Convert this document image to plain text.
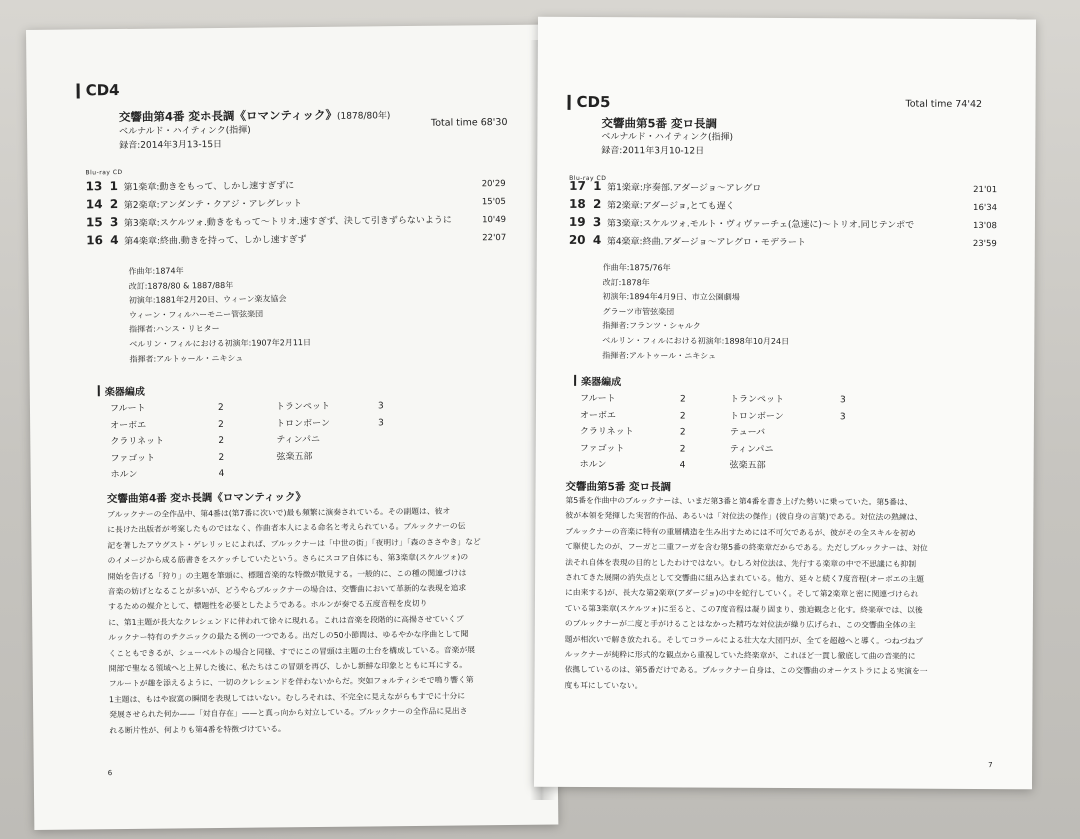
CD4
交響曲第4番 変ホ長調《ロマンティック》(1878/80年)
Total time 68'30
ベルナルド・ハイティンク(指揮)
録音:2014年3月13-15日
Blu-ray CD
13 1 第1楽章:動きをもって、しかし速すぎずに	20'29
14 2 第2楽章:アンダンテ・クアジ・アレグレット	15'05
15 3 第3楽章:スケルツォ.動きをもって～トリオ.速すぎず、決して引きずらないように	10'49
16 4 第4楽章:終曲.動きを持って、しかし速すぎず	22'07
作曲年:1874年
改訂:1878/80 & 1887/88年
初演年:1881年2月20日、ウィーン楽友協会
ウィーン・フィルハーモニー管弦楽団
指揮者:ハンス・リヒター
ベルリン・フィルにおける初演年:1907年2月11日
指揮者:アルトゥール・ニキシュ
楽器編成
フルート	2	トランペット	3
オーボエ	2	トロンボーン	3
クラリネット	2	ティンパニ
ファゴット	2	弦楽五部
ホルン	4
交響曲第4番 変ホ長調《ロマンティック》
ブルックナーの全作品中、第4番は(第7番に次いで)最も頻繁に演奏されている。その副題は、彼オ
に長けた出版者が考案したものではなく、作曲者本人による命名と考えられている。ブルックナーの伝
記を著したアウグスト・ゲレリッヒによれば、ブルックナーは「中世の街」「夜明け」「森のささやき」など
のイメージから成る筋書きをスケッチしていたという。さらにスコア自体にも、第3楽章(スケルツォ)の
開始を告げる「狩り」の主題を筆頭に、標題音楽的な特徴が散見する。一般的に、この種の関連づけは
音楽の妨げとなることが多いが、どうやらブルックナーの場合は、交響曲において革新的な表現を追求
するための媒介として、標題性を必要としたようである。ホルンが奏でる五度音程を皮切り
に、第1主題が長大なクレシェンドに伴われて徐々に現れる。これは音楽を段階的に高揚させていくブ
ルックナー特有のテクニックの最たる例の一つである。出だしの50小節間は、ゆるやかな序曲として聞
くこともできるが、シューベルトの場合と同様、すでにこの冒頭は主題の土台を構成している。音楽が展
開部で聖なる領域へと上昇した後に、私たちはこの冒頭を再び、しかし新鮮な印象とともに耳にする。
フルートが趣を添えるように、一切のクレシェンドを伴わないからだ。突如フォルティシモで鳴り響く第
1主題は、もはや寂寞の瞬間を表現してはいない。むしろそれは、不完全に見えながらもすでに十分に
発展させられた何か——「対自存在」——と真っ向から対立している。ブルックナーの全作品に見出さ
れる断片性が、何よりも第4番を特徴づけている。
6
CD5	Total time 74'42
交響曲第5番 変ロ長調
ベルナルド・ハイティンク(指揮)
録音:2011年3月10-12日
Blu-ray CD
17 1 第1楽章:序奏部.アダージョ～アレグロ	21'01
18 2 第2楽章:アダージョ,とても遅く	16'34
19 3 第3楽章:スケルツォ.モルト・ヴィヴァーチェ(急速に)～トリオ.同じテンポで	13'08
20 4 第4楽章:終曲.アダージョ～アレグロ・モデラート	23'59
作曲年:1875/76年
改訂:1878年
初演年:1894年4月9日、市立公園劇場
グラーツ市管弦楽団
指揮者:フランツ・シャルク
ベルリン・フィルにおける初演年:1898年10月24日
指揮者:アルトゥール・ニキシュ
楽器編成
フルート	2	トランペット	3
オーボエ	2	トロンボーン	3
クラリネット	2	テューバ
ファゴット	2	ティンパニ
ホルン	4	弦楽五部
交響曲第5番 変ロ長調
第5番を作曲中のブルックナーは、いまだ第3番と第4番を書き上げた勢いに乗っていた。第5番は、
彼が本領を発揮した実習的作品、あるいは「対位法の傑作」(彼自身の言葉)である。対位法の熟練は、
ブルックナーの音楽に特有の重層構造を生み出すためには不可欠であるが、彼がその全スキルを初め
て駆使したのが、フーガと二重フーガを含む第5番の終楽章だからである。ただしブルックナーは、対位
法それ自体を表現の目的としたわけではない。むしろ対位法は、先行する楽章の中で不思議にも抑制
されてきた展開の消失点として交響曲に組み込まれている。他方、延々と続く7度音程(オーボエの主題
に由来する)が、長大な第2楽章(アダージョ)の中を蛇行していく。そして第2楽章と密に関連づけられ
ている第3楽章(スケルツォ)に至ると、この7度音程は凝り固まり、強迫観念と化す。終楽章では、以後
のブルックナーが二度と手がけることはなかった精巧な対位法が繰り広げられ、この交響曲全体の主
題が相次いで解き放たれる。そしてコラールによる壮大な大団円が、全てを超越へと導く。つねづねブ
ルックナーが純粋に形式的な観点から重視していた終楽章が、これほど一貫し徹底して曲の音楽的に
依拠しているのは、第5番だけである。ブルックナー自身は、この交響曲のオーケストラによる実演を一
度も耳にしていない。
7
